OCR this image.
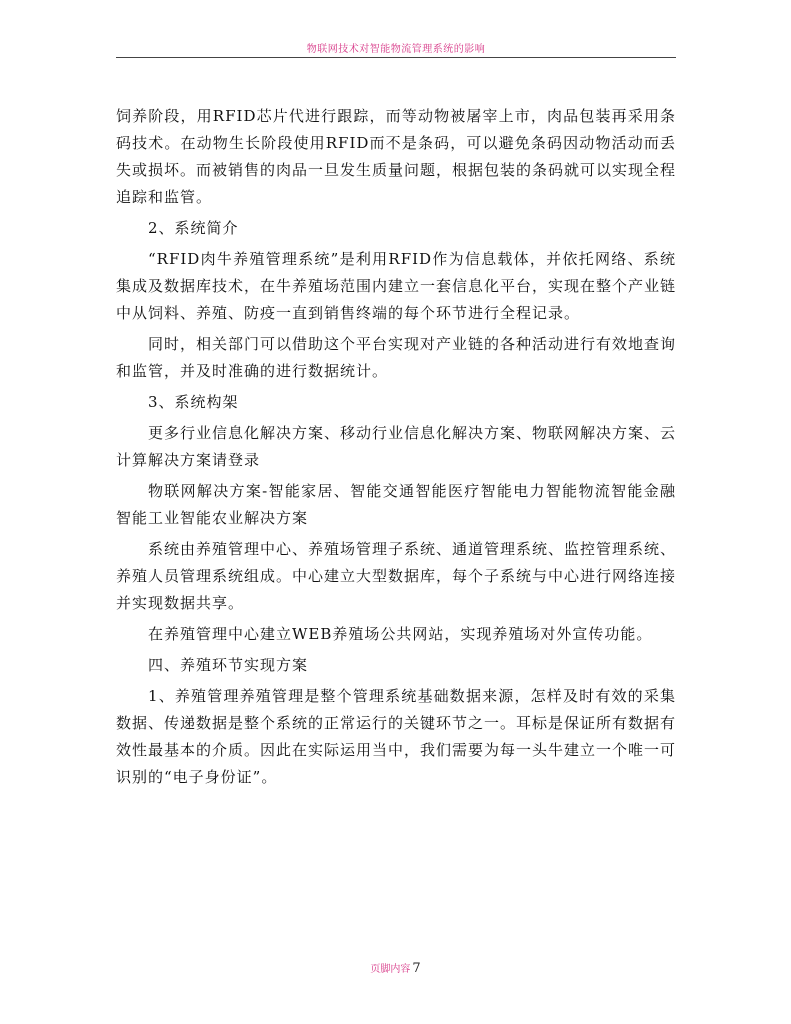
物联网技术对智能物流管理系统的影响

饲养阶段，用RFID芯片代进行跟踪，而等动物被屠宰上市，肉品包装再采用条码技术。在动物生长阶段使用RFID而不是条码，可以避免条码因动物活动而丢失或损坏。而被销售的肉品一旦发生质量问题，根据包装的条码就可以实现全程追踪和监管。

2、系统简介

“RFID肉牛养殖管理系统”是利用RFID作为信息载体，并依托网络、系统集成及数据库技术，在牛养殖场范围内建立一套信息化平台，实现在整个产业链中从饲料、养殖、防疫一直到销售终端的每个环节进行全程记录。

同时，相关部门可以借助这个平台实现对产业链的各种活动进行有效地查询和监管，并及时准确的进行数据统计。

3、系统构架

更多行业信息化解决方案、移动行业信息化解决方案、物联网解决方案、云计算解决方案请登录

物联网解决方案-智能家居、智能交通智能医疗智能电力智能物流智能金融智能工业智能农业解决方案

系统由养殖管理中心、养殖场管理子系统、通道管理系统、监控管理系统、养殖人员管理系统组成。中心建立大型数据库，每个子系统与中心进行网络连接并实现数据共享。

在养殖管理中心建立WEB养殖场公共网站，实现养殖场对外宣传功能。

四、养殖环节实现方案

1、养殖管理养殖管理是整个管理系统基础数据来源，怎样及时有效的采集数据、传递数据是整个系统的正常运行的关键环节之一。耳标是保证所有数据有效性最基本的介质。因此在实际运用当中，我们需要为每一头牛建立一个唯一可识别的“电子身份证”。

页脚内容 7
